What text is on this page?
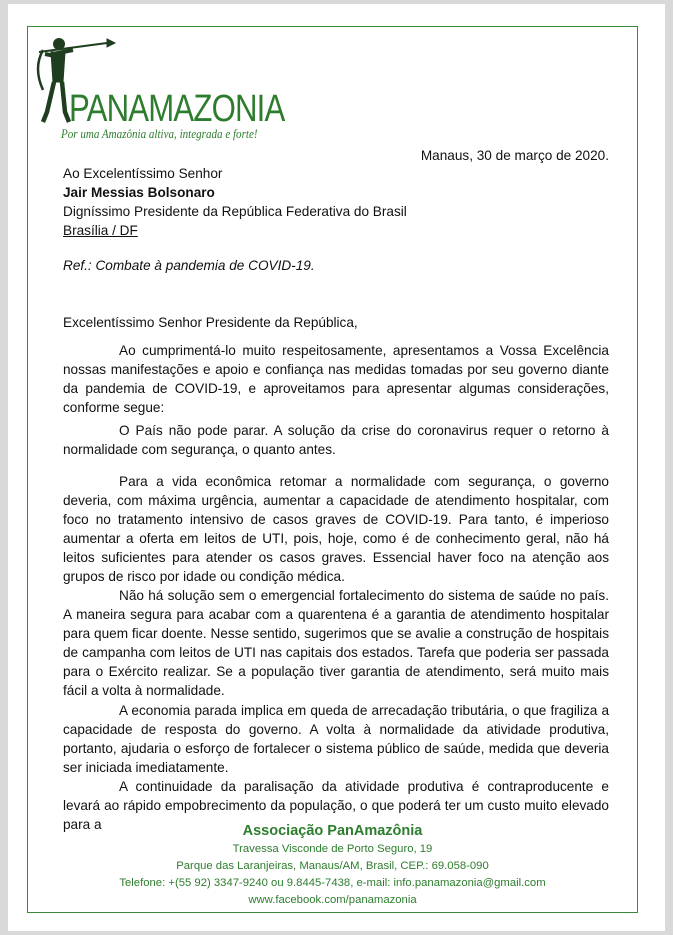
PANAMAZONIA
Por uma Amazônia altiva, integrada e forte!
Manaus, 30 de março de 2020.
Ao Excelentíssimo Senhor
Jair Messias Bolsonaro
Digníssimo Presidente da República Federativa do Brasil
Brasília / DF
Ref.: Combate à pandemia de COVID-19.
Excelentíssimo Senhor Presidente da República,
Ao cumprimentá-lo muito respeitosamente, apresentamos a Vossa Excelência nossas manifestações e apoio e confiança nas medidas tomadas por seu governo diante da pandemia de COVID-19, e aproveitamos para apresentar algumas considerações, conforme segue:
O País não pode parar. A solução da crise do coronavirus requer o retorno à normalidade com segurança, o quanto antes.
Para a vida econômica retomar a normalidade com segurança, o governo deveria, com máxima urgência, aumentar a capacidade de atendimento hospitalar, com foco no tratamento intensivo de casos graves de COVID-19. Para tanto, é imperioso aumentar a oferta em leitos de UTI, pois, hoje, como é de conhecimento geral, não há leitos suficientes para atender os casos graves. Essencial haver foco na atenção aos grupos de risco por idade ou condição médica.
Não há solução sem o emergencial fortalecimento do sistema de saúde no país. A maneira segura para acabar com a quarentena é a garantia de atendimento hospitalar para quem ficar doente. Nesse sentido, sugerimos que se avalie a construção de hospitais de campanha com leitos de UTI nas capitais dos estados. Tarefa que poderia ser passada para o Exército realizar. Se a população tiver garantia de atendimento, será muito mais fácil a volta à normalidade.
A economia parada implica em queda de arrecadação tributária, o que fragiliza a capacidade de resposta do governo. A volta à normalidade da atividade produtiva, portanto, ajudaria o esforço de fortalecer o sistema público de saúde, medida que deveria ser iniciada imediatamente.
A continuidade da paralisação da atividade produtiva é contraproducente e levará ao rápido empobrecimento da população, o que poderá ter um custo muito elevado para a	Associação PanAmazônia
Travessa Visconde de Porto Seguro, 19
Parque das Laranjeiras, Manaus/AM, Brasil, CEP.: 69.058-090
Telefone: +(55 92) 3347-9240 ou 9.8445-7438, e-mail: info.panamazonia@gmail.com
www.facebook.com/panamazonia
